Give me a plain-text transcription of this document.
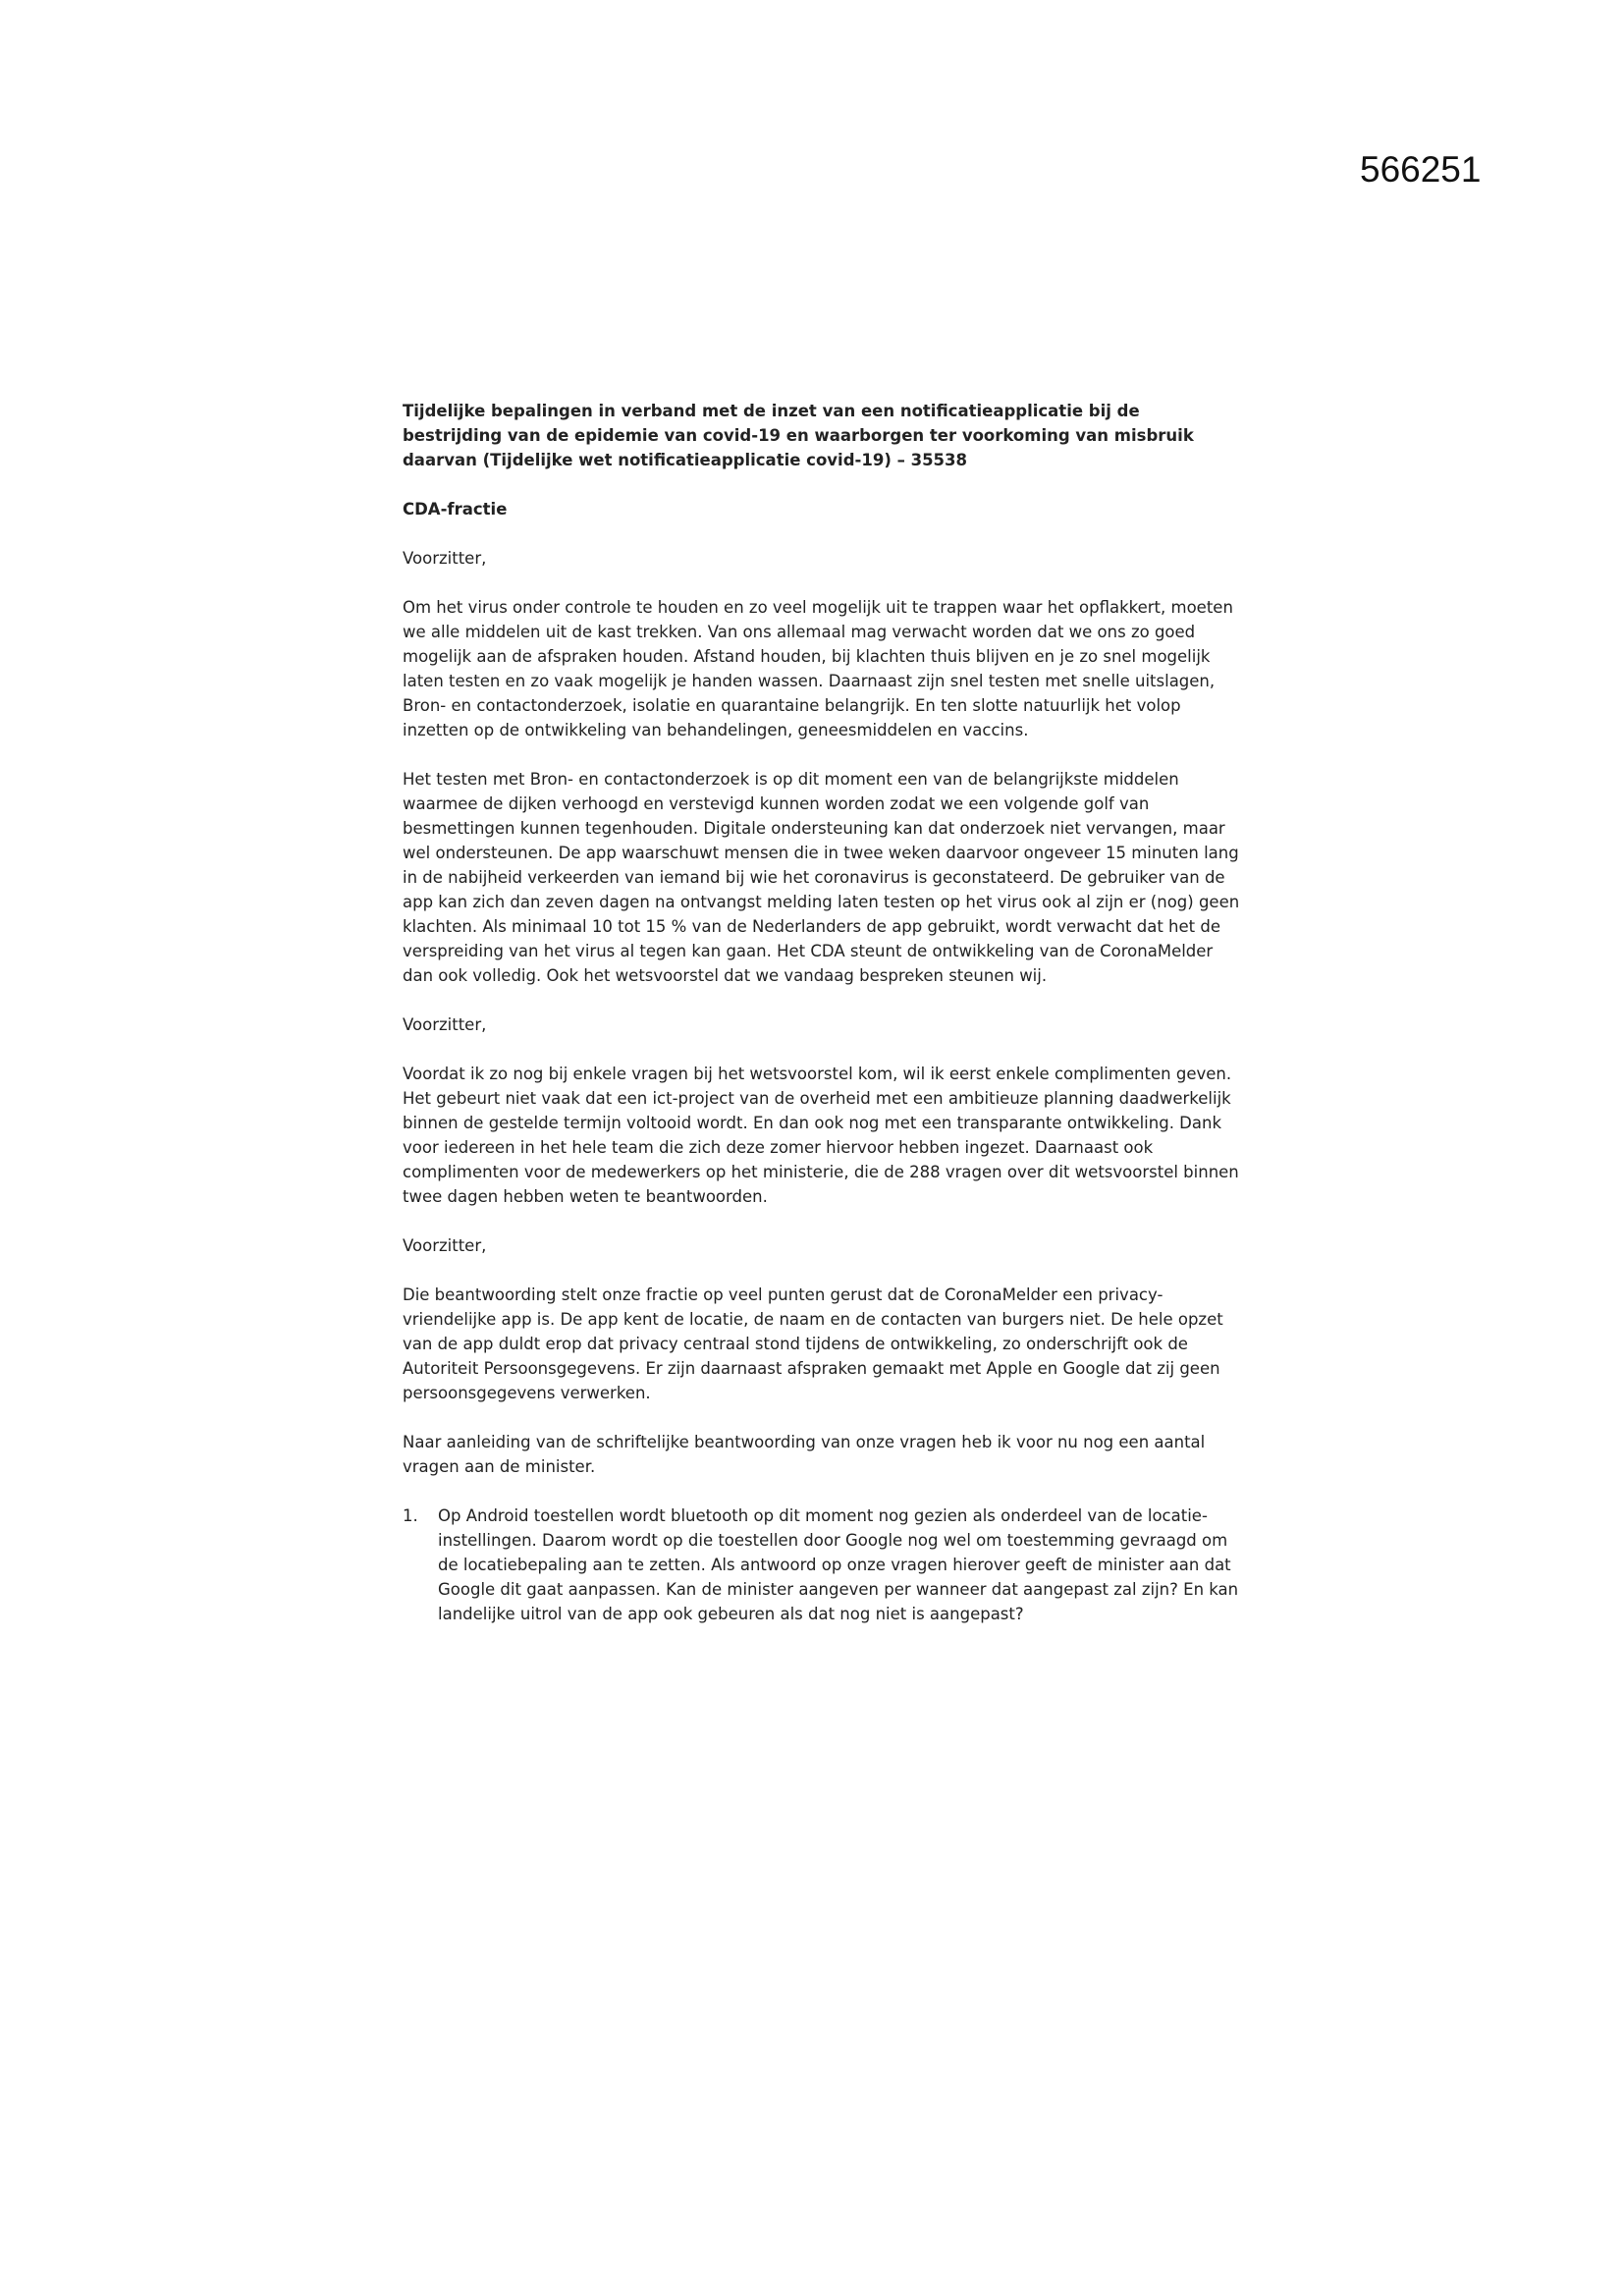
566251

Tijdelijke bepalingen in verband met de inzet van een notificatieapplicatie bij de bestrijding van de epidemie van covid-19 en waarborgen ter voorkoming van misbruik daarvan (Tijdelijke wet notificatieapplicatie covid-19) – 35538

CDA-fractie

Voorzitter,

Om het virus onder controle te houden en zo veel mogelijk uit te trappen waar het opflakkert, moeten we alle middelen uit de kast trekken. Van ons allemaal mag verwacht worden dat we ons zo goed mogelijk aan de afspraken houden. Afstand houden, bij klachten thuis blijven en je zo snel mogelijk laten testen en zo vaak mogelijk je handen wassen. Daarnaast zijn snel testen met snelle uitslagen, Bron- en contactonderzoek, isolatie en quarantaine belangrijk. En ten slotte natuurlijk het volop inzetten op de ontwikkeling van behandelingen, geneesmiddelen en vaccins.

Het testen met Bron- en contactonderzoek is op dit moment een van de belangrijkste middelen waarmee de dijken verhoogd en verstevigd kunnen worden zodat we een volgende golf van besmettingen kunnen tegenhouden. Digitale ondersteuning kan dat onderzoek niet vervangen, maar wel ondersteunen. De app waarschuwt mensen die in twee weken daarvoor ongeveer 15 minuten lang in de nabijheid verkeerden van iemand bij wie het coronavirus is geconstateerd. De gebruiker van de app kan zich dan zeven dagen na ontvangst melding laten testen op het virus ook al zijn er (nog) geen klachten. Als minimaal 10 tot 15 % van de Nederlanders de app gebruikt, wordt verwacht dat het de verspreiding van het virus al tegen kan gaan. Het CDA steunt de ontwikkeling van de CoronaMelder dan ook volledig. Ook het wetsvoorstel dat we vandaag bespreken steunen wij.

Voorzitter,

Voordat ik zo nog bij enkele vragen bij het wetsvoorstel kom, wil ik eerst enkele complimenten geven. Het gebeurt niet vaak dat een ict-project van de overheid met een ambitieuze planning daadwerkelijk binnen de gestelde termijn voltooid wordt. En dan ook nog met een transparante ontwikkeling. Dank voor iedereen in het hele team die zich deze zomer hiervoor hebben ingezet. Daarnaast ook complimenten voor de medewerkers op het ministerie, die de 288 vragen over dit wetsvoorstel binnen twee dagen hebben weten te beantwoorden.

Voorzitter,

Die beantwoording stelt onze fractie op veel punten gerust dat de CoronaMelder een privacy-vriendelijke app is. De app kent de locatie, de naam en de contacten van burgers niet. De hele opzet van de app duldt erop dat privacy centraal stond tijdens de ontwikkeling, zo onderschrijft ook de Autoriteit Persoonsgegevens. Er zijn daarnaast afspraken gemaakt met Apple en Google dat zij geen persoonsgegevens verwerken.

Naar aanleiding van de schriftelijke beantwoording van onze vragen heb ik voor nu nog een aantal vragen aan de minister.

1.	Op Android toestellen wordt bluetooth op dit moment nog gezien als onderdeel van de locatie-instellingen. Daarom wordt op die toestellen door Google nog wel om toestemming gevraagd om de locatiebepaling aan te zetten. Als antwoord op onze vragen hierover geeft de minister aan dat Google dit gaat aanpassen. Kan de minister aangeven per wanneer dat aangepast zal zijn? En kan landelijke uitrol van de app ook gebeuren als dat nog niet is aangepast?
